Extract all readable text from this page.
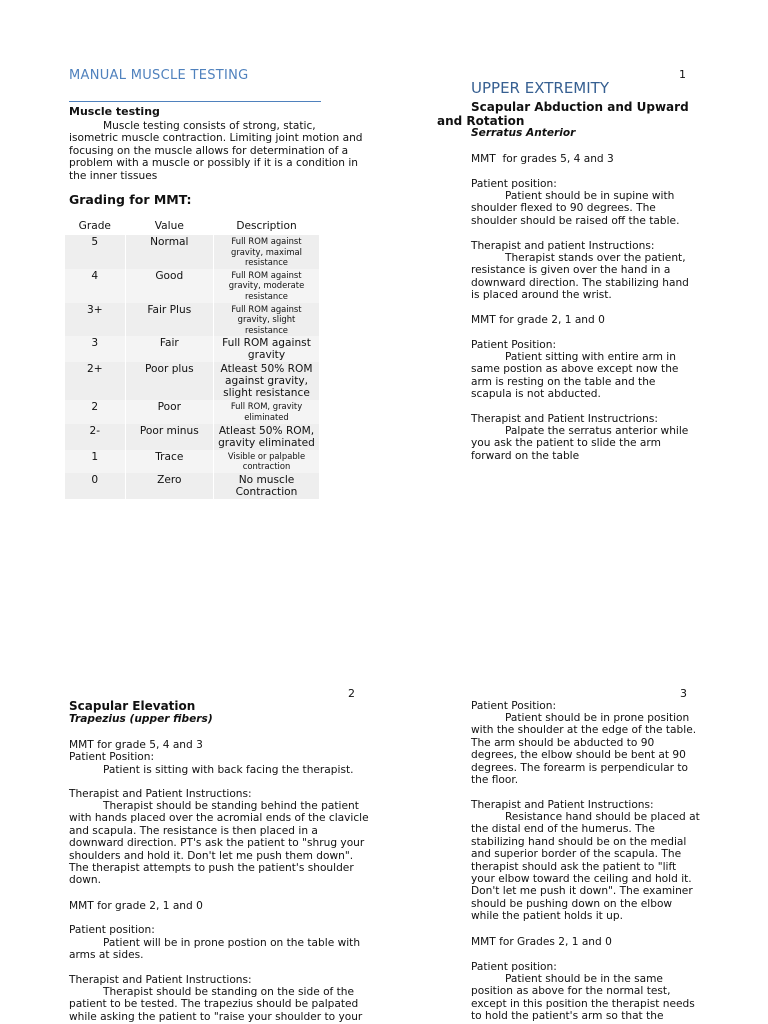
1
MANUAL MUSCLE TESTING
Muscle testing
Muscle testing consists of strong, static, isometric muscle contraction. Limiting joint motion and focusing on the muscle allows for determination of a problem with a muscle or possibly if it is a condition in the inner tissues
Grading for MMT:
Grade	Value	Description
5	Normal	Full ROM against gravity, maximal resistance
4	Good	Full ROM against gravity, moderate resistance
3+	Fair Plus	Full ROM against gravity, slight resistance
3	Fair	Full ROM against gravity
2+	Poor plus	Atleast 50% ROM against gravity, slight resistance
2	Poor	Full ROM, gravity eliminated
2-	Poor minus	Atleast 50% ROM, gravity eliminated
1	Trace	Visible or palpable contraction
0	Zero	No muscle Contraction
UPPER EXTREMITY
Scapular Abduction and Upward and Rotation
Serratus Anterior
MMT  for grades 5, 4 and 3
Patient position:
Patient should be in supine with shoulder flexed to 90 degrees. The shoulder should be raised off the table.
Therapist and patient Instructions:
Therapist stands over the patient, resistance is given over the hand in a downward direction. The stabilizing hand is placed around the wrist.
MMT for grade 2, 1 and 0
Patient Position:
Patient sitting with entire arm in same postion as above except now the arm is resting on the table and the scapula is not abducted.
Therapist and Patient Instructrions:
Palpate the serratus anterior while you ask the patient to slide the arm forward on the table
2
Scapular Elevation
Trapezius (upper fibers)
MMT for grade 5, 4 and 3
Patient Position:
Patient is sitting with back facing the therapist.
Therapist and Patient Instructions:
Therapist should be standing behind the patient with hands placed over the acromial ends of the clavicle and scapula. The resistance is then placed in a downward direction. PT's ask the patient to "shrug your shoulders and hold it. Don't let me push them down". The therapist attempts to push the patient's shoulder down.
MMT for grade 2, 1 and 0
Patient position:
Patient will be in prone postion on the table with arms at sides.
Therapist and Patient Instructions:
Therapist should be standing on the side of the patient to be tested. The trapezius should be palpated while asking the patient to "raise your shoulder to your
3
Patient Position:
Patient should be in prone position with the shoulder at the edge of the table. The arm should be abducted to 90 degrees, the elbow should be bent at 90 degrees. The forearm is perpendicular to the floor.
Therapist and Patient Instructions:
Resistance hand should be placed at the distal end of the humerus. The stabilizing hand should be on the medial and superior border of the scapula. The therapist should ask the patient to "lift your elbow toward the ceiling and hold it. Don't let me push it down". The examiner should be pushing down on the elbow while the patient holds it up.
MMT for Grades 2, 1 and 0
Patient position:
Patient should be in the same position as above for the normal test, except in this position the therapist needs to hold the patient's arm so that the
